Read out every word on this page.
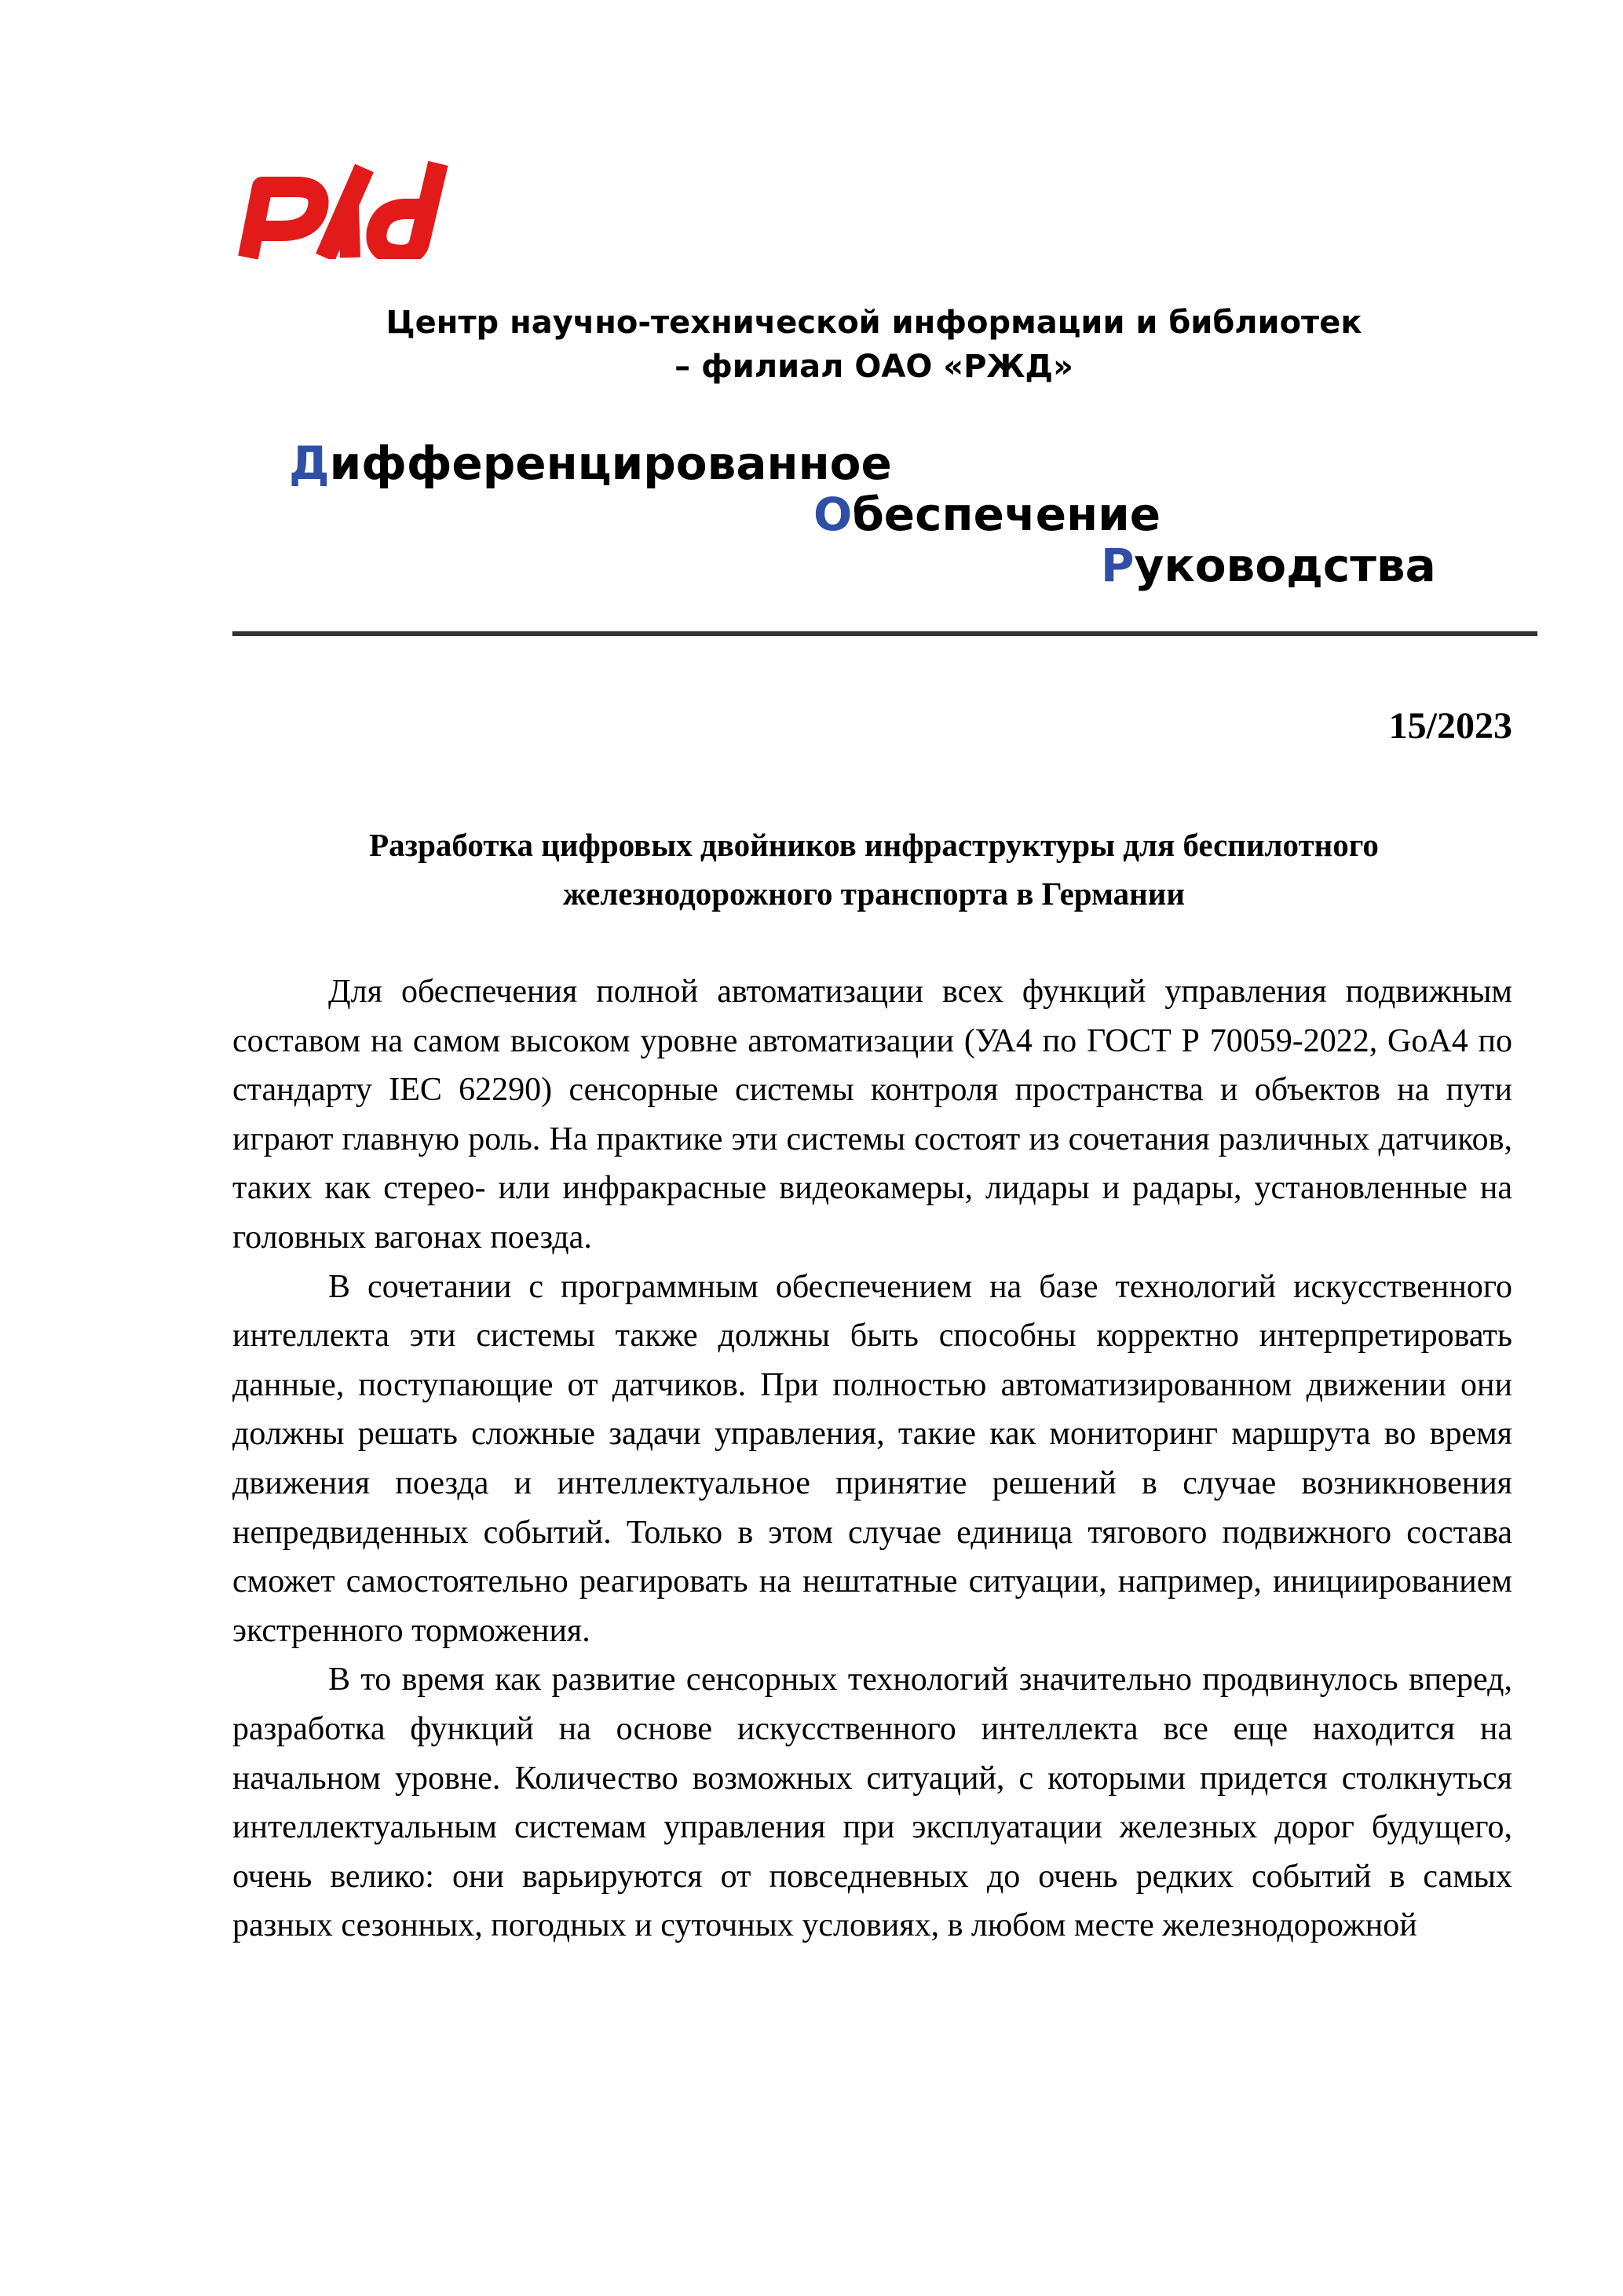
Центр научно-технической информации и библиотек
– филиал ОАО «РЖД»
Дифференцированное
Обеспечение
Руководства
15/2023
Разработка цифровых двойников инфраструктуры для беспилотного
железнодорожного транспорта в Германии

Для обеспечения полной автоматизации всех функций управления подвижным составом на самом высоком уровне автоматизации (УА4 по ГОСТ Р 70059-2022, GoA4 по стандарту IEC 62290) сенсорные системы контроля пространства и объектов на пути играют главную роль. На практике эти системы состоят из сочетания различных датчиков, таких как стерео- или инфракрасные видеокамеры, лидары и радары, установленные на головных вагонах поезда.

В сочетании с программным обеспечением на базе технологий искусственного интеллекта эти системы также должны быть способны корректно интерпретировать данные, поступающие от датчиков. При полностью автоматизированном движении они должны решать сложные задачи управления, такие как мониторинг маршрута во время движения поезда и интеллектуальное принятие решений в случае возникновения непредвиденных событий. Только в этом случае единица тягового подвижного состава сможет самостоятельно реагировать на нештатные ситуации, например, инициированием экстренного торможения.

В то время как развитие сенсорных технологий значительно продвинулось вперед, разработка функций на основе искусственного интеллекта все еще находится на начальном уровне. Количество возможных ситуаций, с которыми придется столкнуться интеллектуальным системам управления при эксплуатации железных дорог будущего, очень велико: они варьируются от повседневных до очень редких событий в самых разных сезонных, погодных и суточных условиях, в любом месте железнодорожной
